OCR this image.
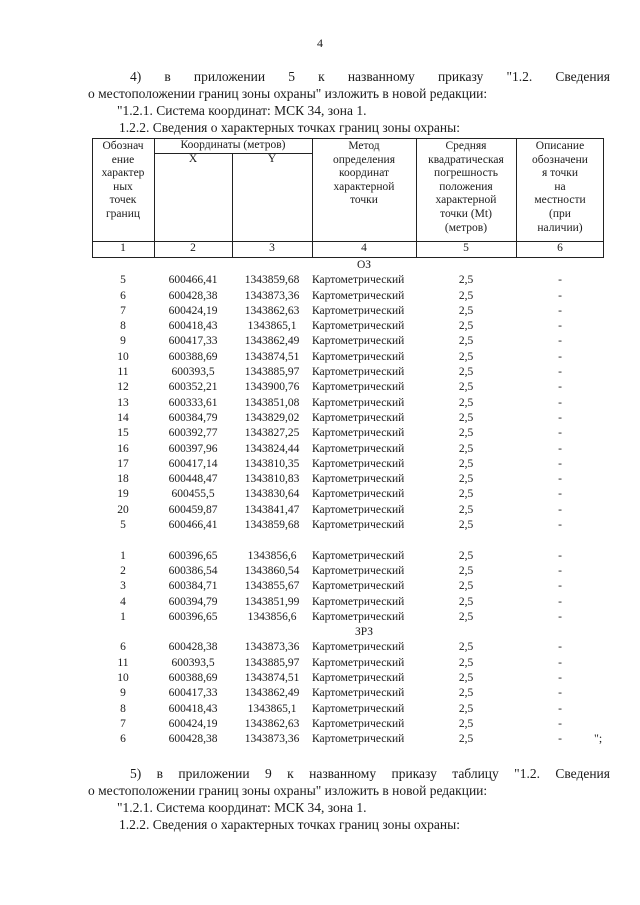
4
4) в приложении 5 к названному приказу "1.2. Сведения
о местоположении границ зоны охраны" изложить в новой редакции:
"1.2.1. Система координат: МСК 34, зона 1.
1.2.2. Сведения о характерных точках границ зоны охраны:
Обознач
ение
характер
ных
точек
границ
Координаты (метров)
X	Y
Метод
определения
координат
характерной
точки
Средняя
квадратическая
погрешность
положения
характерной
точки (Mt)
(метров)
Описание
обозначени
я точки
на
местности
(при
наличии)
1	2	3	4	5	6
ОЗ
5	600466,41	1343859,68	Картометрический	2,5	-
6	600428,38	1343873,36	Картометрический	2,5	-
7	600424,19	1343862,63	Картометрический	2,5	-
8	600418,43	1343865,1	Картометрический	2,5	-
9	600417,33	1343862,49	Картометрический	2,5	-
10	600388,69	1343874,51	Картометрический	2,5	-
11	600393,5	1343885,97	Картометрический	2,5	-
12	600352,21	1343900,76	Картометрический	2,5	-
13	600333,61	1343851,08	Картометрический	2,5	-
14	600384,79	1343829,02	Картометрический	2,5	-
15	600392,77	1343827,25	Картометрический	2,5	-
16	600397,96	1343824,44	Картометрический	2,5	-
17	600417,14	1343810,35	Картометрический	2,5	-
18	600448,47	1343810,83	Картометрический	2,5	-
19	600455,5	1343830,64	Картометрический	2,5	-
20	600459,87	1343841,47	Картометрический	2,5	-
5	600466,41	1343859,68	Картометрический	2,5	-
1	600396,65	1343856,6	Картометрический	2,5	-
2	600386,54	1343860,54	Картометрический	2,5	-
3	600384,71	1343855,67	Картометрический	2,5	-
4	600394,79	1343851,99	Картометрический	2,5	-
1	600396,65	1343856,6	Картометрический	2,5	-
ЗРЗ
6	600428,38	1343873,36	Картометрический	2,5	-
11	600393,5	1343885,97	Картометрический	2,5	-
10	600388,69	1343874,51	Картометрический	2,5	-
9	600417,33	1343862,49	Картометрический	2,5	-
8	600418,43	1343865,1	Картометрический	2,5	-
7	600424,19	1343862,63	Картометрический	2,5	-
6	600428,38	1343873,36	Картометрический	2,5	-	";
5) в приложении 9 к названному приказу таблицу "1.2. Сведения
о местоположении границ зоны охраны" изложить в новой редакции:
"1.2.1. Система координат: МСК 34, зона 1.
1.2.2. Сведения о характерных точках границ зоны охраны:
